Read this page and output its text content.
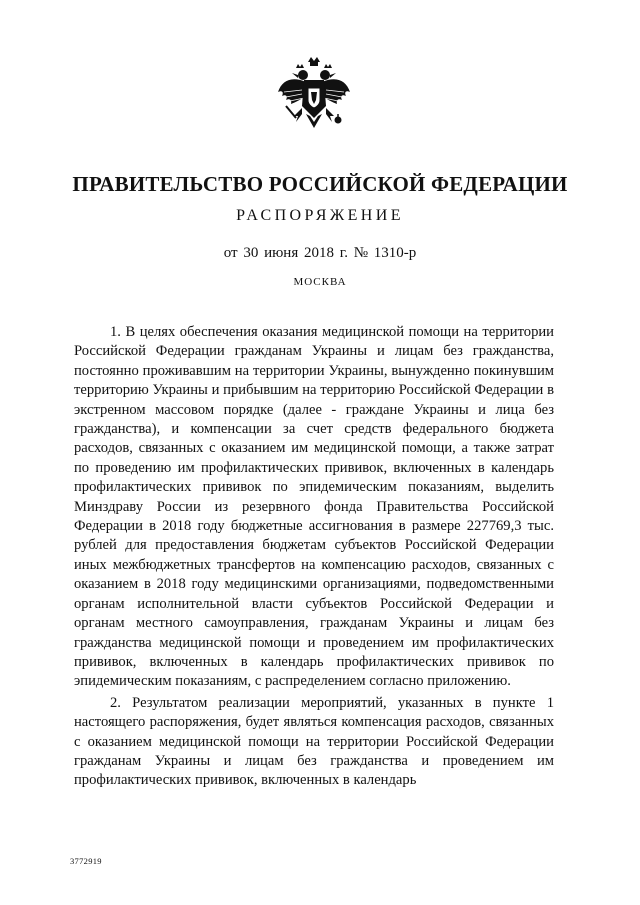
ПРАВИТЕЛЬСТВО РОССИЙСКОЙ ФЕДЕРАЦИИ
РАСПОРЯЖЕНИЕ
от 30 июня 2018 г. № 1310-р
МОСКВА

1. В целях обеспечения оказания медицинской помощи на территории Российской Федерации гражданам Украины и лицам без гражданства, постоянно проживавшим на территории Украины, вынужденно покинувшим территорию Украины и прибывшим на территорию Российской Федерации в экстренном массовом порядке (далее - граждане Украины и лица без гражданства), и компенсации за счет средств федерального бюджета расходов, связанных с оказанием им медицинской помощи, а также затрат по проведению им профилактических прививок, включенных в календарь профилактических прививок по эпидемическим показаниям, выделить Минздраву России из резервного фонда Правительства Российской Федерации в 2018 году бюджетные ассигнования в размере 227769,3 тыс. рублей для предоставления бюджетам субъектов Российской Федерации иных межбюджетных трансфертов на компенсацию расходов, связанных с оказанием в 2018 году медицинскими организациями, подведомственными органам исполнительной власти субъектов Российской Федерации и органам местного самоуправления, гражданам Украины и лицам без гражданства медицинской помощи и проведением им профилактических прививок, включенных в календарь профилактических прививок по эпидемическим показаниям, с распределением согласно приложению.

2. Результатом реализации мероприятий, указанных в пункте 1 настоящего распоряжения, будет являться компенсация расходов, связанных с оказанием медицинской помощи на территории Российской Федерации гражданам Украины и лицам без гражданства и проведением им профилактических прививок, включенных в календарь

3772919
